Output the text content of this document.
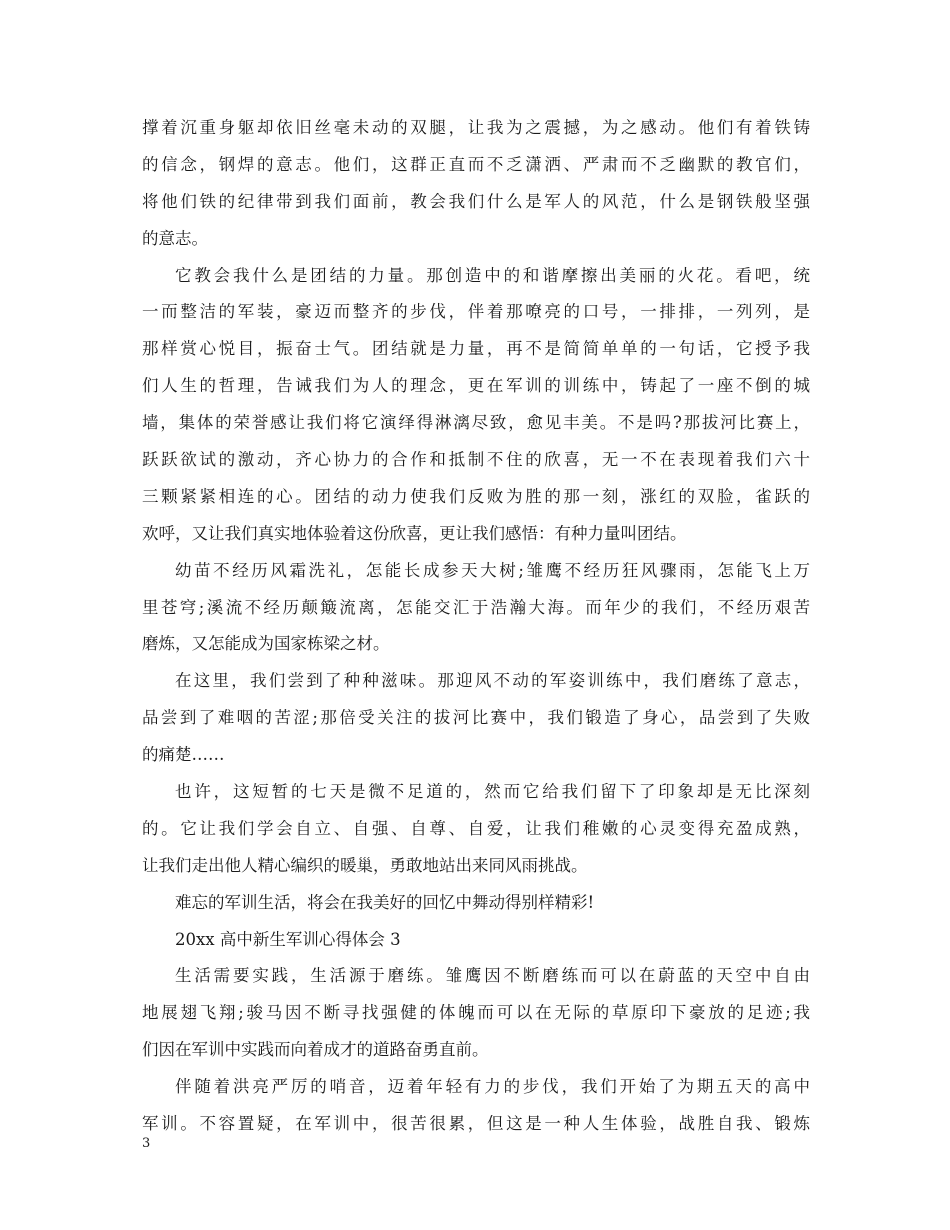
撑着沉重身躯却依旧丝毫未动的双腿，让我为之震撼，为之感动。他们有着铁铸
的信念，钢焊的意志。他们，这群正直而不乏潇洒、严肃而不乏幽默的教官们，
将他们铁的纪律带到我们面前，教会我们什么是军人的风范，什么是钢铁般坚强
的意志。
它教会我什么是团结的力量。那创造中的和谐摩擦出美丽的火花。看吧，统
一而整洁的军装，豪迈而整齐的步伐，伴着那嘹亮的口号，一排排，一列列，是
那样赏心悦目，振奋士气。团结就是力量，再不是简简单单的一句话，它授予我
们人生的哲理，告诫我们为人的理念，更在军训的训练中，铸起了一座不倒的城
墙，集体的荣誉感让我们将它演绎得淋漓尽致，愈见丰美。不是吗?那拔河比赛上，
跃跃欲试的激动，齐心协力的合作和抵制不住的欣喜，无一不在表现着我们六十
三颗紧紧相连的心。团结的动力使我们反败为胜的那一刻，涨红的双脸，雀跃的
欢呼，又让我们真实地体验着这份欣喜，更让我们感悟：有种力量叫团结。
幼苗不经历风霜洗礼，怎能长成参天大树;雏鹰不经历狂风骤雨，怎能飞上万
里苍穹;溪流不经历颠簸流离，怎能交汇于浩瀚大海。而年少的我们，不经历艰苦
磨炼，又怎能成为国家栋梁之材。
在这里，我们尝到了种种滋味。那迎风不动的军姿训练中，我们磨练了意志，
品尝到了难咽的苦涩;那倍受关注的拔河比赛中，我们锻造了身心，品尝到了失败
的痛楚……
也许，这短暂的七天是微不足道的，然而它给我们留下了印象却是无比深刻
的。它让我们学会自立、自强、自尊、自爱，让我们稚嫩的心灵变得充盈成熟，
让我们走出他人精心编织的暖巢，勇敢地站出来同风雨挑战。
难忘的军训生活，将会在我美好的回忆中舞动得别样精彩!
20xx 高中新生军训心得体会 3
生活需要实践，生活源于磨练。雏鹰因不断磨练而可以在蔚蓝的天空中自由
地展翅飞翔;骏马因不断寻找强健的体魄而可以在无际的草原印下豪放的足迹;我
们因在军训中实践而向着成才的道路奋勇直前。
伴随着洪亮严厉的哨音，迈着年轻有力的步伐，我们开始了为期五天的高中
军训。不容置疑，在军训中，很苦很累，但这是一种人生体验，战胜自我、锻炼
3
